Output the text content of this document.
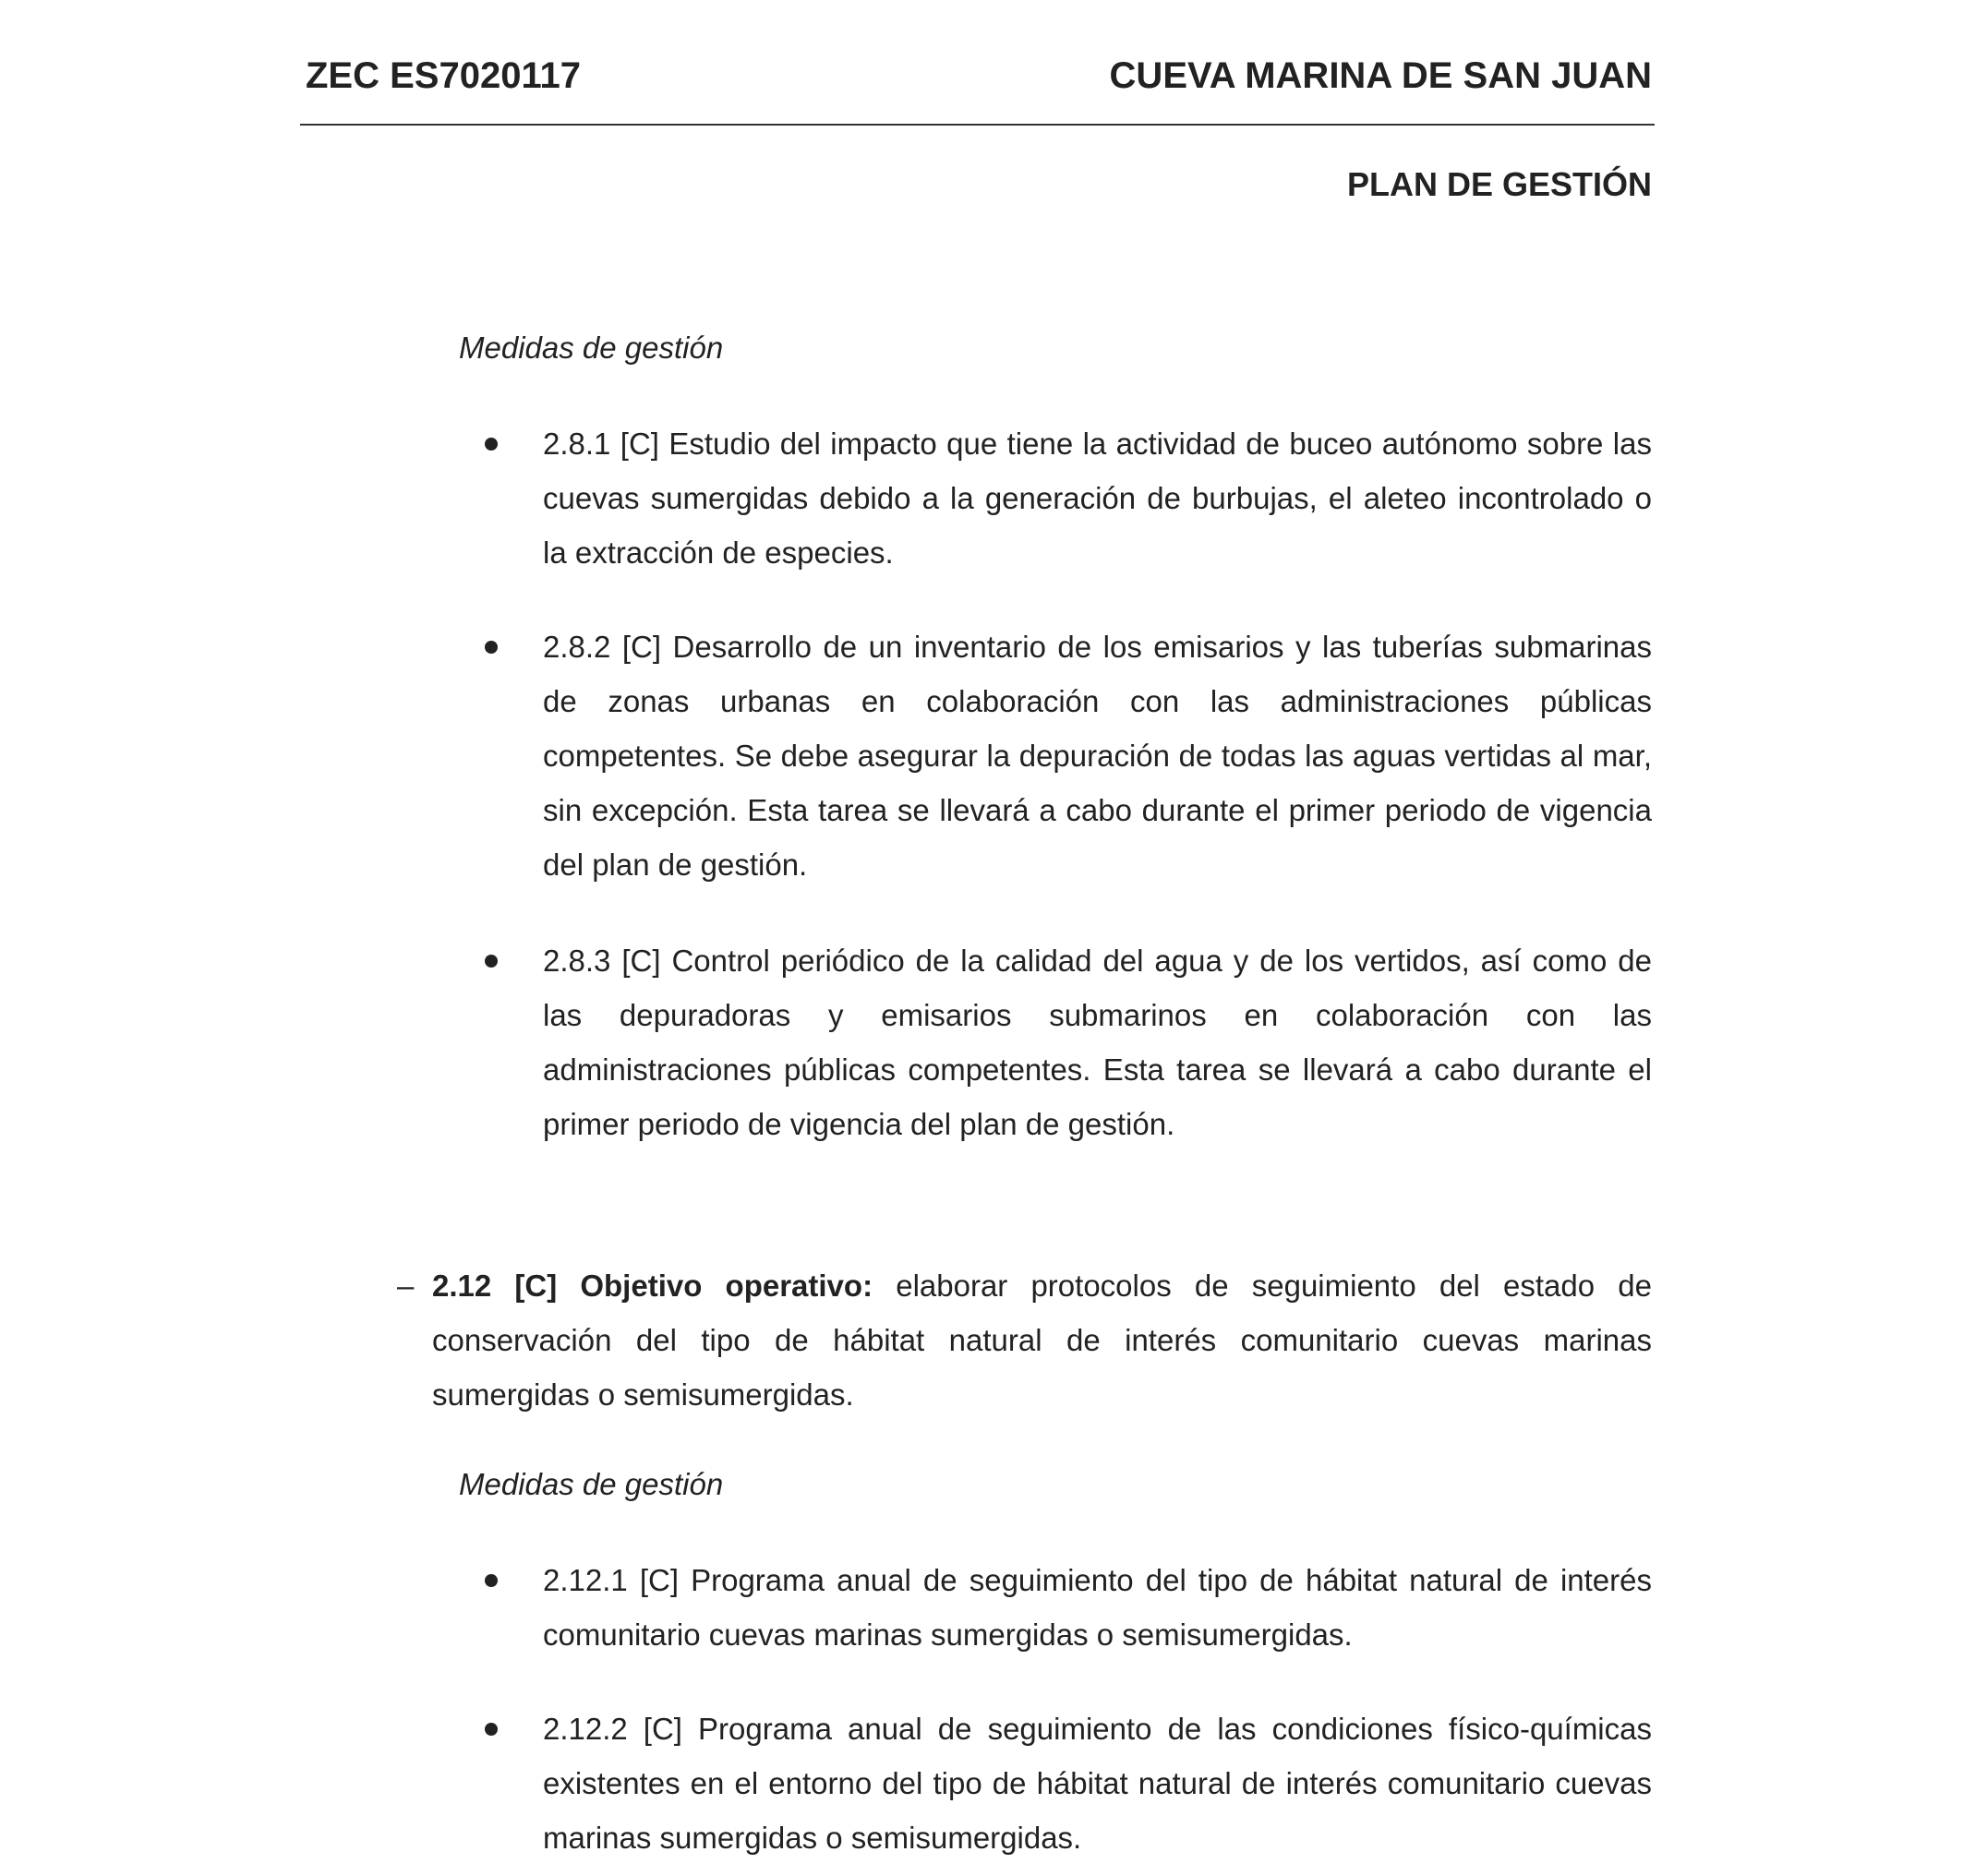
ZEC ES7020117	CUEVA MARINA DE SAN JUAN
PLAN DE GESTIÓN
Medidas de gestión
2.8.1 [C] Estudio del impacto que tiene la actividad de buceo autónomo sobre las cuevas sumergidas debido a la generación de burbujas, el aleteo incontrolado o la extracción de especies.
2.8.2 [C] Desarrollo de un inventario de los emisarios y las tuberías submarinas de zonas urbanas en colaboración con las administraciones públicas competentes. Se debe asegurar la depuración de todas las aguas vertidas al mar, sin excepción. Esta tarea se llevará a cabo durante el primer periodo de vigencia del plan de gestión.
2.8.3 [C] Control periódico de la calidad del agua y de los vertidos, así como de las depuradoras y emisarios submarinos en colaboración con las administraciones públicas competentes. Esta tarea se llevará a cabo durante el primer periodo de vigencia del plan de gestión.
– 2.12 [C] Objetivo operativo: elaborar protocolos de seguimiento del estado de conservación del tipo de hábitat natural de interés comunitario cuevas marinas sumergidas o semisumergidas.
Medidas de gestión
2.12.1 [C] Programa anual de seguimiento del tipo de hábitat natural de interés comunitario cuevas marinas sumergidas o semisumergidas.
2.12.2 [C] Programa anual de seguimiento de las condiciones físico-químicas existentes en el entorno del tipo de hábitat natural de interés comunitario cuevas marinas sumergidas o semisumergidas.
